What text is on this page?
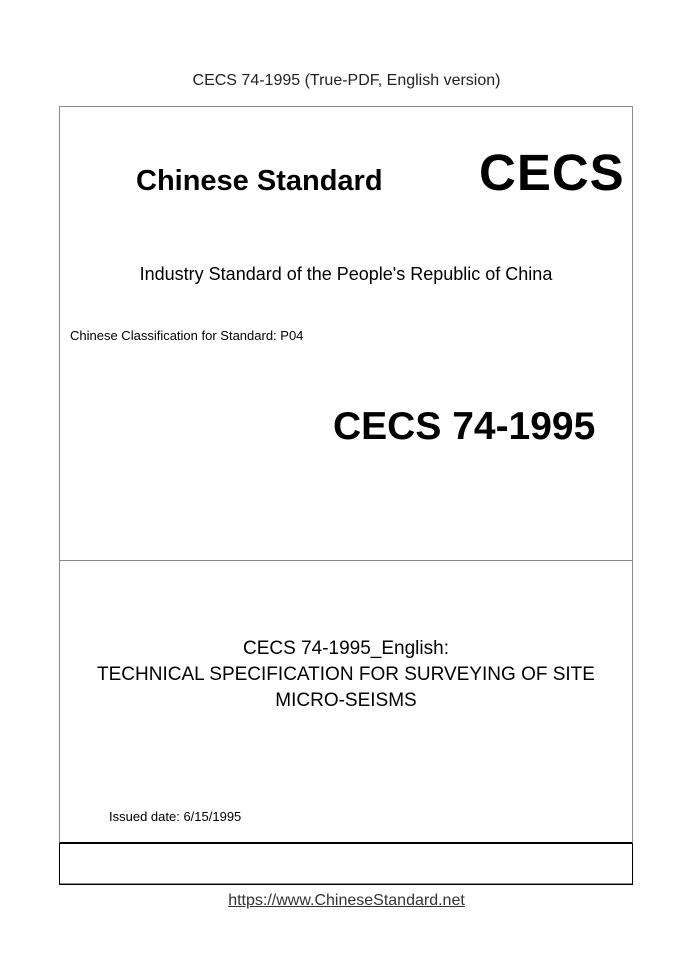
CECS 74-1995 (True-PDF, English version)
Chinese Standard CECS
Industry Standard of the People's Republic of China
Chinese Classification for Standard: P04
CECS 74-1995
CECS 74-1995_English:
TECHNICAL SPECIFICATION FOR SURVEYING OF SITE
MICRO-SEISMS
Issued date: 6/15/1995
https://www.ChineseStandard.net
